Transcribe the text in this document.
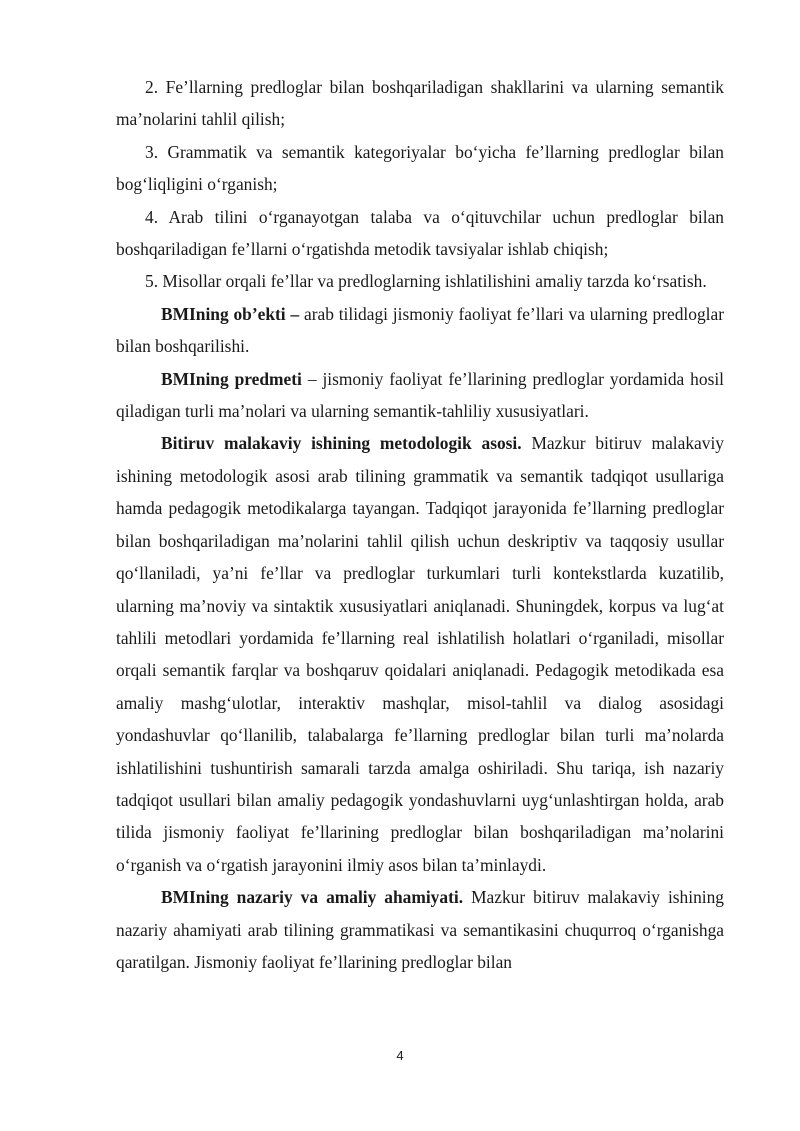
2. Fe’llarning predloglar bilan boshqariladigan shakllarini va ularning semantik ma’nolarini tahlil qilish;

3. Grammatik va semantik kategoriyalar bo‘yicha fe’llarning predloglar bilan bog‘liqligini o‘rganish;

4. Arab tilini o‘rganayotgan talaba va o‘qituvchilar uchun predloglar bilan boshqariladigan fe’llarni o‘rgatishda metodik tavsiyalar ishlab chiqish;

5. Misollar orqali fe’llar va predloglarning ishlatilishini amaliy tarzda ko‘rsatish.

BMIning ob’ekti – arab tilidagi jismoniy faoliyat fe’llari va ularning predloglar bilan boshqarilishi.

BMIning predmeti – jismoniy faoliyat fe’llarining predloglar yordamida hosil qiladigan turli ma’nolari va ularning semantik-tahliliy xususiyatlari.

Bitiruv malakaviy ishining metodologik asosi. Mazkur bitiruv malakaviy ishining metodologik asosi arab tilining grammatik va semantik tadqiqot usullariga hamda pedagogik metodikalarga tayangan. Tadqiqot jarayonida fe’llarning predloglar bilan boshqariladigan ma’nolarini tahlil qilish uchun deskriptiv va taqqosiy usullar qo‘llaniladi, ya’ni fe’llar va predloglar turkumlari turli kontekstlarda kuzatilib, ularning ma’noviy va sintaktik xususiyatlari aniqlanadi. Shuningdek, korpus va lug‘at tahlili metodlari yordamida fe’llarning real ishlatilish holatlari o‘rganiladi, misollar orqali semantik farqlar va boshqaruv qoidalari aniqlanadi. Pedagogik metodikada esa amaliy mashg‘ulotlar, interaktiv mashqlar, misol-tahlil va dialog asosidagi yondashuvlar qo‘llanilib, talabalarga fe’llarning predloglar bilan turli ma’nolarda ishlatilishini tushuntirish samarali tarzda amalga oshiriladi. Shu tariqa, ish nazariy tadqiqot usullari bilan amaliy pedagogik yondashuvlarni uyg‘unlashtirgan holda, arab tilida jismoniy faoliyat fe’llarining predloglar bilan boshqariladigan ma’nolarini o‘rganish va o‘rgatish jarayonini ilmiy asos bilan ta’minlaydi.

BMIning nazariy va amaliy ahamiyati. Mazkur bitiruv malakaviy ishining nazariy ahamiyati arab tilining grammatikasi va semantikasini chuqurroq o‘rganishga qaratilgan. Jismoniy faoliyat fe’llarining predloglar bilan

4
